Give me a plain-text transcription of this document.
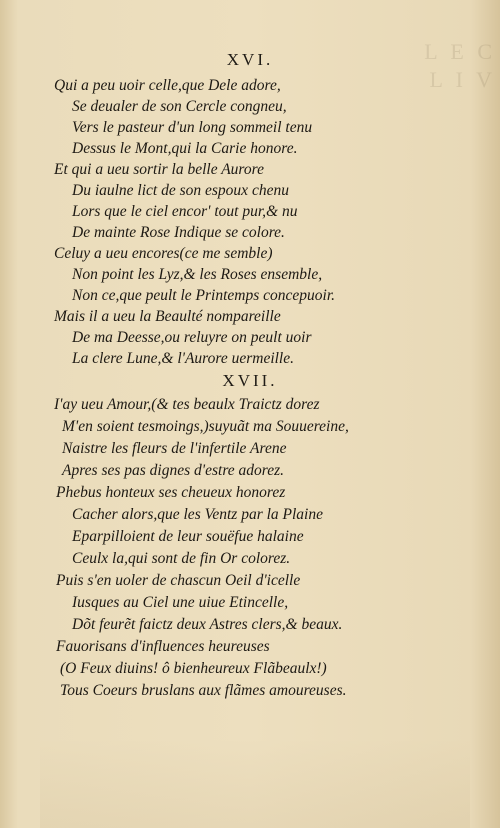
L E C
L I V
XVI.
Qui a peu uoir celle,que Dele adore,
Se deualer de son Cercle congneu,
Vers le pasteur d'un long sommeil tenu
Dessus le Mont,qui la Carie honore.
Et qui a ueu sortir la belle Aurore
Du iaulne lict de son espoux chenu
Lors que le ciel encor' tout pur,& nu
De mainte Rose Indique se colore.
Celuy a ueu encores(ce me semble)
Non point les Lyz,& les Roses ensemble,
Non ce,que peult le Printemps concepuoir.
Mais il a ueu la Beaulté nompareille
De ma Deesse,ou reluyre on peult uoir
La clere Lune,& l'Aurore uermeille.
XVII.
I'ay ueu Amour,(& tes beaulx Traictz dorez
M'en soient tesmoings,)suyuãt ma Souuereine,
Naistre les fleurs de l'infertile Arene
Apres ses pas dignes d'estre adorez.
Phebus honteux ses cheueux honorez
Cacher alors,que les Ventz par la Plaine
Eparpilloient de leur souëfue halaine
Ceulx la,qui sont de fin Or colorez.
Puis s'en uoler de chascun Oeil d'icelle
Iusques au Ciel une uiue Etincelle,
Dõt feurẽt faictz deux Astres clers,& beaux.
Fauorisans d'influences heureuses
(O Feux diuins! ô bienheureux Flãbeaulx!)
Tous Coeurs bruslans aux flãmes amoureuses.
